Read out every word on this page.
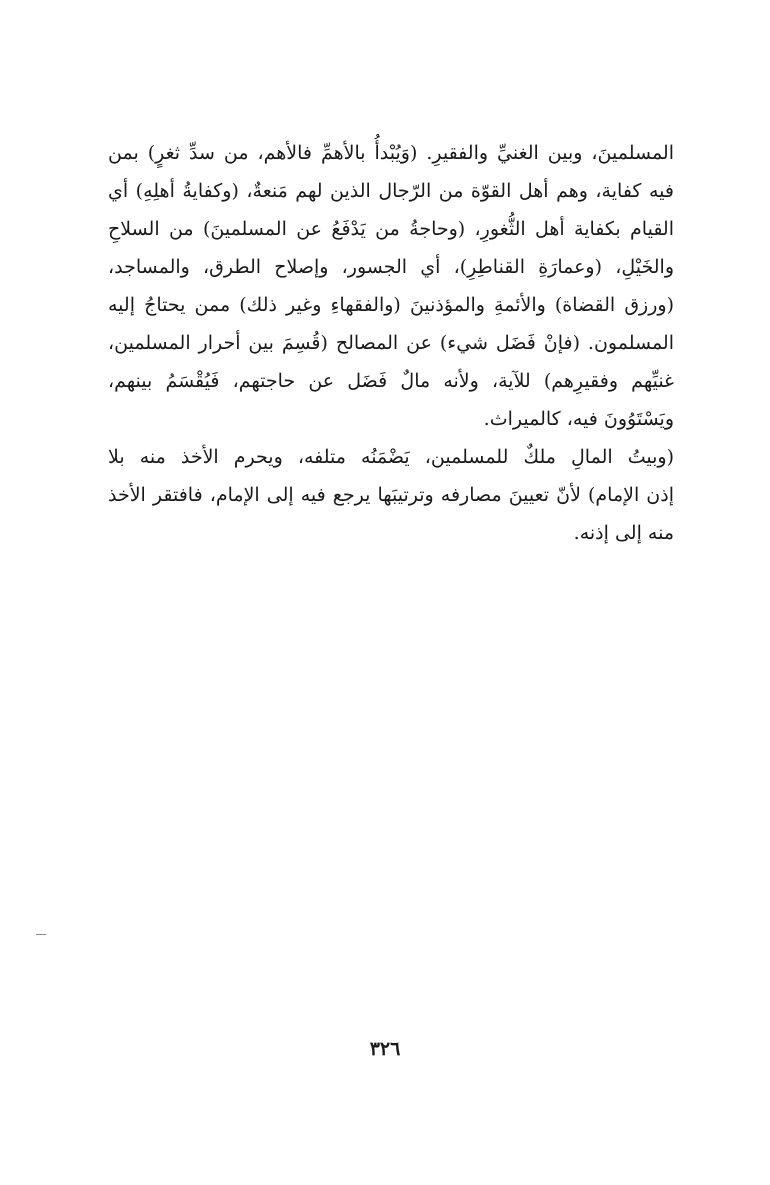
المسلمينَ، وبين الغنيِّ والفقيرِ. (وَيُبْدأُ بالأهمِّ فالأهم، من سدِّ ثغرٍ) بمن
فيه كفاية، وهم أهل القوّة من الرّجال الذين لهم مَنعةٌ، (وكفايةُ أهلِهِ) أي
القيام بكفاية أهل الثُّغورِ، (وحاجةُ من يَدْفَعُ عن المسلمينَ) من السلاحِ
والخَيْلِ، (وعمارَةِ القناطِرِ)، أي الجسور، وإصلاح الطرق، والمساجد،
(ورزق القضاة) والأئمةِ والمؤذنينَ (والفقهاءِ وغير ذلك) ممن يحتاجُ إليه
المسلمون. (فإنْ فَضَل شيء) عن المصالح (قُسِمَ بين أحرار المسلمين،
غنيِّهم وفقيرِهم) للآية، ولأنه مالٌ فَضَل عن حاجتهم، فَيُقْسَمُ بينهم،
ويَسْتَوُونَ فيه، كالميراث.
(وبيتُ المالِ ملكٌ للمسلمين، يَضْمَنُه متلفه، ويحرم الأخذ منه بلا
إذن الإمام) لأنّ تعيينَ مصارفه وترتيبَها يرجع فيه إلى الإمام، فافتقر الأخذ
منه إلى إذنه.
٣٢٦
